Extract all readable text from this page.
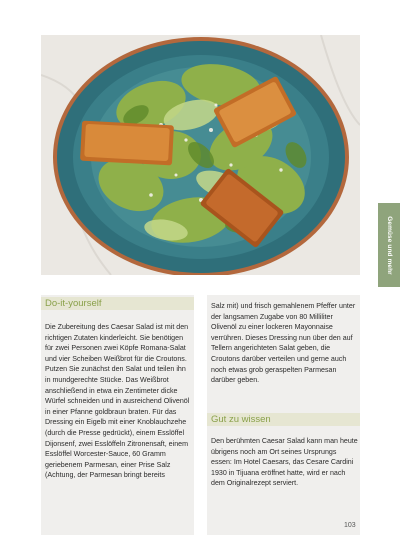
Gemüse und mehr
Do-it-yourself

Die Zubereitung des Caesar Salad ist mit den richtigen Zutaten kinderleicht. Sie benötigen für zwei Personen zwei Köpfe Romana-Salat und vier Scheiben Weißbrot für die Croutons. Putzen Sie zunächst den Salat und teilen ihn in mundgerechte Stücke. Das Weißbrot anschließend in etwa ein Zentimeter dicke Würfel schneiden und in ausreichend Olivenöl in einer Pfanne goldbraun braten. Für das Dressing ein Eigelb mit einer Knoblauchzehe (durch die Presse gedrückt), einem Esslöffel Dijonsenf, zwei Esslöffeln Zitronensaft, einem Esslöffel Worcester-Sauce, 60 Gramm geriebenem Parmesan, einer Prise Salz (Achtung, der Parmesan bringt bereits

Salz mit) und frisch gemahlenem Pfeffer unter der langsamen Zugabe von 80 Milliliter Olivenöl zu einer lockeren Mayonnaise verrühren. Dieses Dressing nun über den auf Tellern angerichteten Salat geben, die Croutons darüber verteilen und gerne auch noch etwas grob geraspelten Parmesan darüber geben.

Gut zu wissen

Den berühmten Caesar Salad kann man heute übrigens noch am Ort seines Ursprungs essen: Im Hotel Caesars, das Cesare Cardini 1930 in Tijuana eröffnet hatte, wird er nach dem Originalrezept serviert.

103
